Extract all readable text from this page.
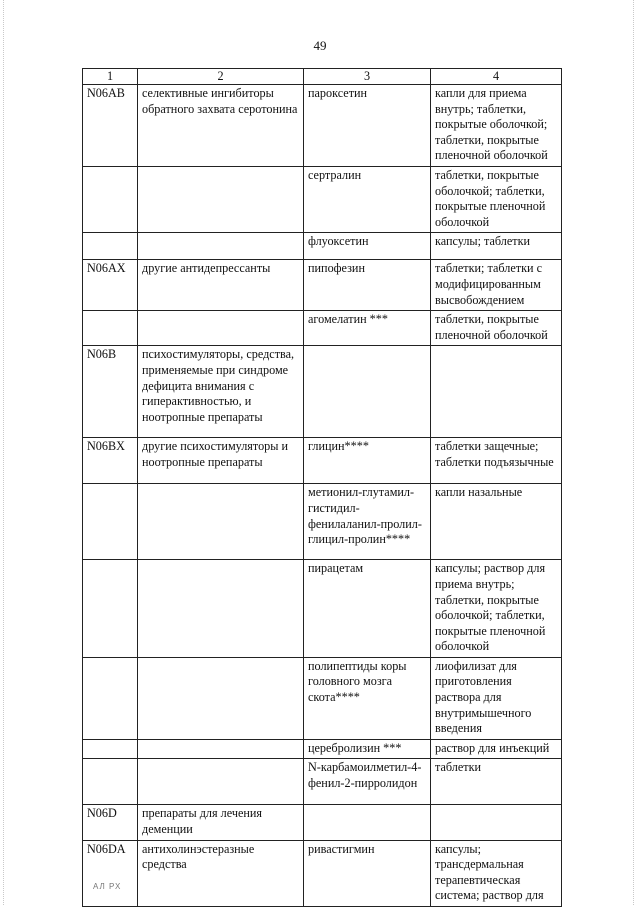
49
1	2	3	4
N06AB	селективные ингибиторы обратного захвата серотонина	пароксетин	капли для приема внутрь; таблетки, покрытые оболочкой; таблетки, покрытые пленочной оболочкой
		сертралин	таблетки, покрытые оболочкой; таблетки, покрытые пленочной оболочкой
		флуоксетин	капсулы; таблетки
N06AX	другие антидепрессанты	пипофезин	таблетки; таблетки с модифицированным высвобождением
		агомелатин ***	таблетки, покрытые пленочной оболочкой
N06B	психостимуляторы, средства, применяемые при синдроме дефицита внимания с гиперактивностью, и ноотропные препараты		
N06BX	другие психостимуляторы и ноотропные препараты	глицин****	таблетки защечные; таблетки подъязычные
		метионил-глутамил-гистидил-фенилаланил-пролил-глицил-пролин****	капли назальные
		пирацетам	капсулы; раствор для приема внутрь; таблетки, покрытые оболочкой; таблетки, покрытые пленочной оболочкой
		полипептиды коры головного мозга скота****	лиофилизат для приготовления раствора для внутримышечного введения
		церебролизин ***	раствор для инъекций
		N-карбамоилметил-4-фенил-2-пирролидон	таблетки
N06D	препараты для лечения деменции		
N06DA	антихолинэстеразные средства	ривастигмин	капсулы; трансдермальная терапевтическая система; раствор для
АЛ РХ
